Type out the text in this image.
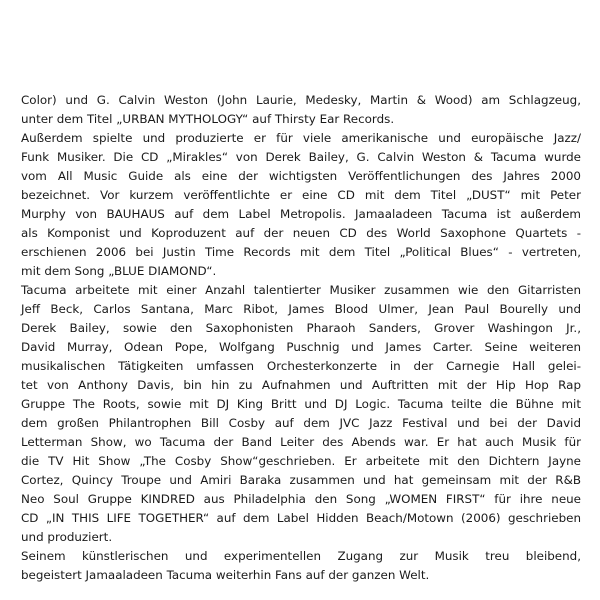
Color) und G. Calvin Weston (John Laurie, Medesky, Martin & Wood) am Schlagzeug,
unter dem Titel „URBAN MYTHOLOGY“ auf Thirsty Ear Records.
Außerdem spielte und produzierte er für viele amerikanische und europäische Jazz/
Funk Musiker. Die CD „Mirakles“ von Derek Bailey, G. Calvin Weston & Tacuma wurde
vom All Music Guide als eine der wichtigsten Veröffentlichungen des Jahres 2000
bezeichnet. Vor kurzem veröffentlichte er eine CD mit dem Titel „DUST“ mit Peter
Murphy von BAUHAUS auf dem Label Metropolis. Jamaaladeen Tacuma ist außerdem
als Komponist und Koproduzent auf der neuen CD des World Saxophone Quartets -
erschienen 2006 bei Justin Time Records mit dem Titel „Political Blues“ - vertreten,
mit dem Song „BLUE DIAMOND“.
Tacuma arbeitete mit einer Anzahl talentierter Musiker zusammen wie den Gitarristen
Jeff Beck, Carlos Santana, Marc Ribot, James Blood Ulmer, Jean Paul Bourelly und
Derek Bailey, sowie den Saxophonisten Pharaoh Sanders, Grover Washingon Jr.,
David Murray, Odean Pope, Wolfgang Puschnig und James Carter. Seine weiteren
musikalischen Tätigkeiten umfassen Orchesterkonzerte in der Carnegie Hall gelei-
tet von Anthony Davis, bin hin zu Aufnahmen und Auftritten mit der Hip Hop Rap
Gruppe The Roots, sowie mit DJ King Britt und DJ Logic. Tacuma teilte die Bühne mit
dem großen Philantrophen Bill Cosby auf dem JVC Jazz Festival und bei der David
Letterman Show, wo Tacuma der Band Leiter des Abends war. Er hat auch Musik für
die TV Hit Show „The Cosby Show“geschrieben. Er arbeitete mit den Dichtern Jayne
Cortez, Quincy Troupe und Amiri Baraka zusammen und hat gemeinsam mit der R&B
Neo Soul Gruppe KINDRED aus Philadelphia den Song „WOMEN FIRST“ für ihre neue
CD „IN THIS LIFE TOGETHER“ auf dem Label Hidden Beach/Motown (2006) geschrieben
und produziert.
Seinem künstlerischen und experimentellen Zugang zur Musik treu bleibend,
begeistert Jamaaladeen Tacuma weiterhin Fans auf der ganzen Welt.
